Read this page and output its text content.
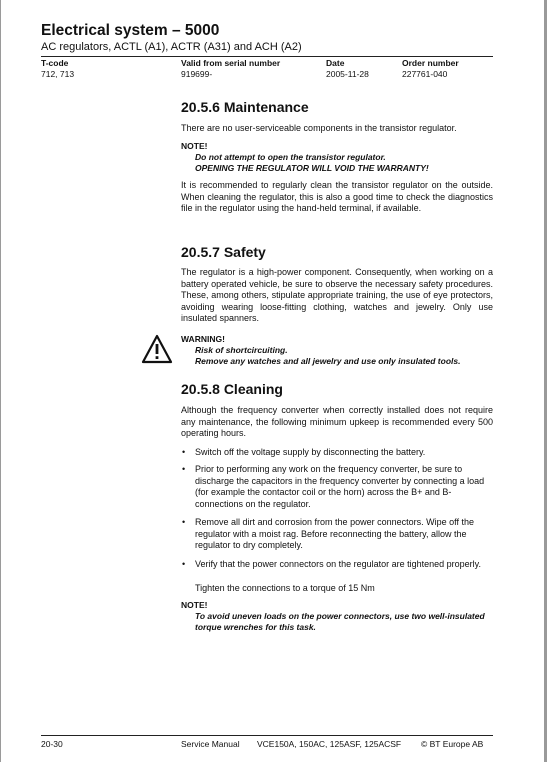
Electrical system – 5000
AC regulators, ACTL (A1), ACTR (A31) and ACH (A2)
T-code
712, 713
Valid from serial number
919699-
Date
2005-11-28
Order number
227761-040
20.5.6 Maintenance
There are no user-serviceable components in the transistor regulator.
NOTE!
Do not attempt to open the transistor regulator.
OPENING THE REGULATOR WILL VOID THE WARRANTY!
It is recommended to regularly clean the transistor regulator on the outside. When cleaning the regulator, this is also a good time to check the diagnostics file in the regulator using the hand-held terminal, if available.
20.5.7 Safety
The regulator is a high-power component. Consequently, when working on a battery operated vehicle, be sure to observe the necessary safety procedures. These, among others, stipulate appropriate training, the use of eye protectors, avoiding wearing loose-fitting clothing, watches and jewelry. Only use insulated spanners.
WARNING!
Risk of shortcircuiting.
Remove any watches and all jewelry and use only insulated tools.
20.5.8 Cleaning
Although the frequency converter when correctly installed does not require any maintenance, the following minimum upkeep is recommended every 500 operating hours.
• Switch off the voltage supply by disconnecting the battery.
• Prior to performing any work on the frequency converter, be sure to discharge the capacitors in the frequency converter by connecting a load (for example the contactor coil or the horn) across the B+ and B- connections on the regulator.
• Remove all dirt and corrosion from the power connectors. Wipe off the regulator with a moist rag. Before reconnecting the battery, allow the regulator to dry completely.
• Verify that the power connectors on the regulator are tightened properly.
Tighten the connections to a torque of 15 Nm
NOTE!
To avoid uneven loads on the power connectors, use two well-insulated torque wrenches for this task.
20-30	Service Manual VCE150A, 150AC, 125ASF, 125ACSF © BT Europe AB
